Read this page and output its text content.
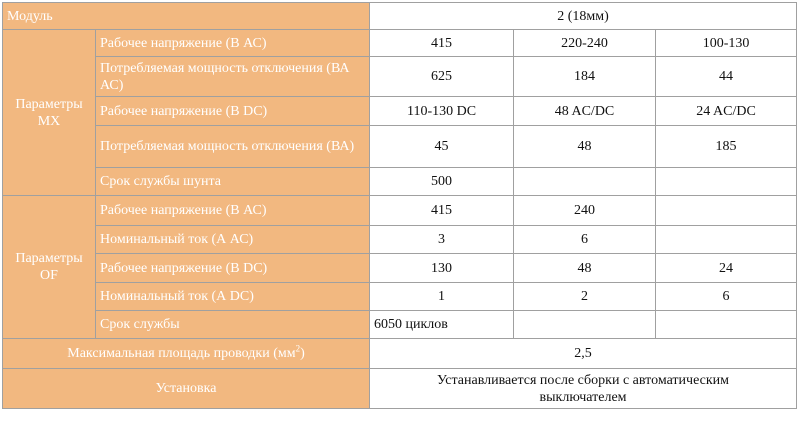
Модуль		2 (18мм)		
Параметры MX	Рабочее напряжение (В АС)	415	220-240	100-130
	Потребляемая мощность отключения (ВА АС)	625	184	44
	Рабочее напряжение (В DC)	110-130 DC	48 AC/DC	24 AC/DC
	Потребляемая мощность отключения (ВА)	45	48	185
	Срок службы шунта	500		
Параметры OF	Рабочее напряжение (В АС)	415	240	
	Номинальный ток (А АС)	3	6	
	Рабочее напряжение (В DC)	130	48	24
	Номинальный ток (А DC)	1	2	6
	Срок службы	6050 циклов		
Максимальная площадь проводки $(мм^2)$		2,5		
Установка		Устанавливается после сборки с автоматическим выключателем		
